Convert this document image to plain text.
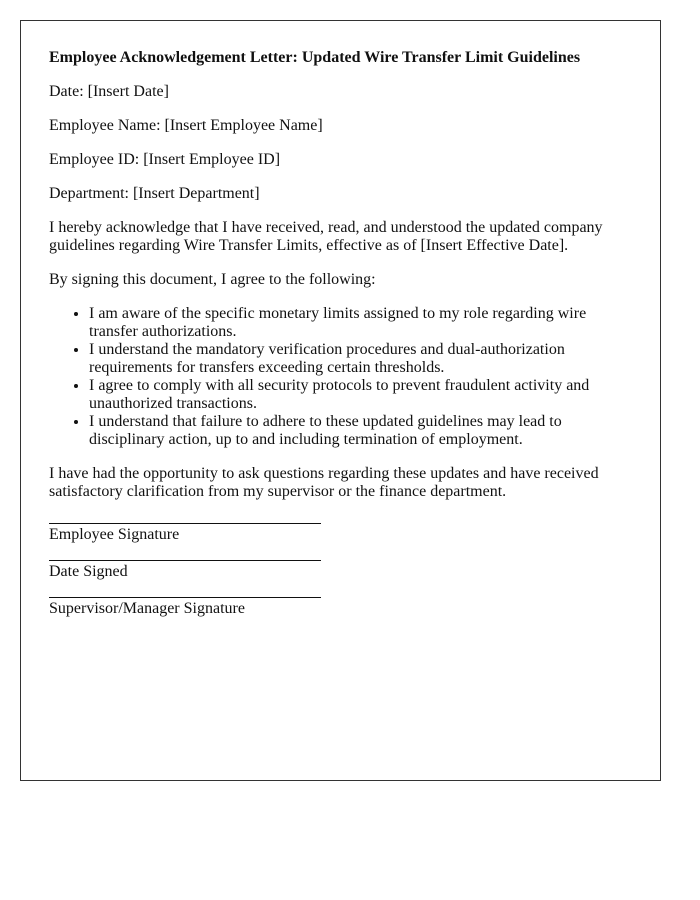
Employee Acknowledgement Letter: Updated Wire Transfer Limit Guidelines

Date: [Insert Date]

Employee Name: [Insert Employee Name]

Employee ID: [Insert Employee ID]

Department: [Insert Department]

I hereby acknowledge that I have received, read, and understood the updated company guidelines regarding Wire Transfer Limits, effective as of [Insert Effective Date].

By signing this document, I agree to the following:

• I am aware of the specific monetary limits assigned to my role regarding wire transfer authorizations.
• I understand the mandatory verification procedures and dual-authorization requirements for transfers exceeding certain thresholds.
• I agree to comply with all security protocols to prevent fraudulent activity and unauthorized transactions.
• I understand that failure to adhere to these updated guidelines may lead to disciplinary action, up to and including termination of employment.

I have had the opportunity to ask questions regarding these updates and have received satisfactory clarification from my supervisor or the finance department.

Employee Signature
Date Signed
Supervisor/Manager Signature
